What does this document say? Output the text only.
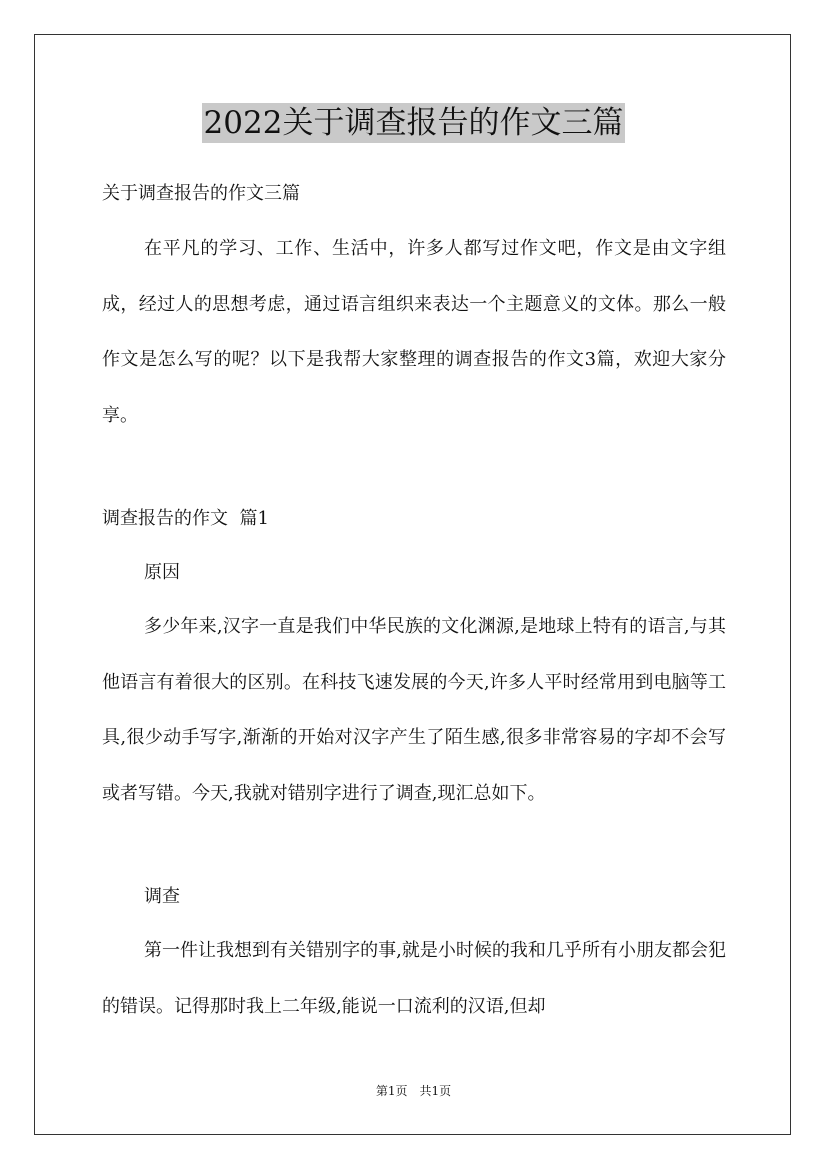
2022关于调查报告的作文三篇

关于调查报告的作文三篇

在平凡的学习、工作、生活中，许多人都写过作文吧，作文是由文字组成，经过人的思想考虑，通过语言组织来表达一个主题意义的文体。那么一般作文是怎么写的呢？以下是我帮大家整理的调查报告的作文3篇，欢迎大家分享。

调查报告的作文  篇1

原因

多少年来,汉字一直是我们中华民族的文化渊源,是地球上特有的语言,与其他语言有着很大的区别。在科技飞速发展的今天,许多人平时经常用到电脑等工具,很少动手写字,渐渐的开始对汉字产生了陌生感,很多非常容易的字却不会写或者写错。今天,我就对错别字进行了调查,现汇总如下。

调查

第一件让我想到有关错别字的事,就是小时候的我和几乎所有小朋友都会犯的错误。记得那时我上二年级,能说一口流利的汉语,但却

第1页 共1页
